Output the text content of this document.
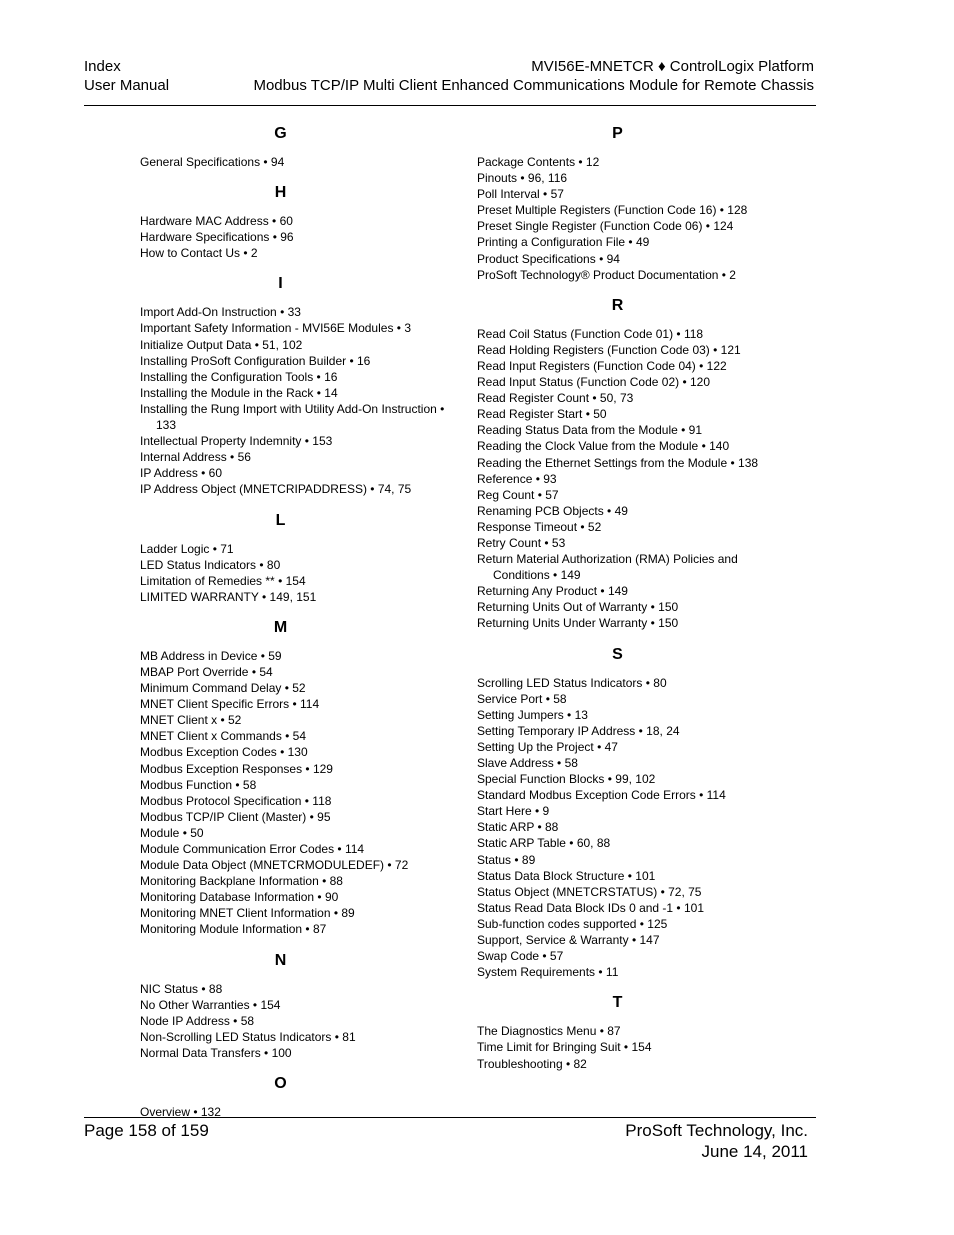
Index
User Manual
MVI56E-MNETCR ♦ ControlLogix Platform
Modbus TCP/IP Multi Client Enhanced Communications Module for Remote Chassis
G
General Specifications • 94
H
Hardware MAC Address • 60
Hardware Specifications • 96
How to Contact Us • 2
I
Import Add-On Instruction • 33
Important Safety Information - MVI56E Modules • 3
Initialize Output Data • 51, 102
Installing ProSoft Configuration Builder • 16
Installing the Configuration Tools • 16
Installing the Module in the Rack • 14
Installing the Rung Import with Utility Add-On Instruction • 133
Intellectual Property Indemnity • 153
Internal Address • 56
IP Address • 60
IP Address Object (MNETCRIPADDRESS) • 74, 75
L
Ladder Logic • 71
LED Status Indicators • 80
Limitation of Remedies ** • 154
LIMITED WARRANTY • 149, 151
M
MB Address in Device • 59
MBAP Port Override • 54
Minimum Command Delay • 52
MNET Client Specific Errors • 114
MNET Client x • 52
MNET Client x Commands • 54
Modbus Exception Codes • 130
Modbus Exception Responses • 129
Modbus Function • 58
Modbus Protocol Specification • 118
Modbus TCP/IP Client (Master) • 95
Module • 50
Module Communication Error Codes • 114
Module Data Object (MNETCRMODULEDEF) • 72
Monitoring Backplane Information • 88
Monitoring Database Information • 90
Monitoring MNET Client Information • 89
Monitoring Module Information • 87
N
NIC Status • 88
No Other Warranties • 154
Node IP Address • 58
Non-Scrolling LED Status Indicators • 81
Normal Data Transfers • 100
O
Overview • 132
P
Package Contents • 12
Pinouts • 96, 116
Poll Interval • 57
Preset Multiple Registers (Function Code 16) • 128
Preset Single Register (Function Code 06) • 124
Printing a Configuration File • 49
Product Specifications • 94
ProSoft Technology® Product Documentation • 2
R
Read Coil Status (Function Code 01) • 118
Read Holding Registers (Function Code 03) • 121
Read Input Registers (Function Code 04) • 122
Read Input Status (Function Code 02) • 120
Read Register Count • 50, 73
Read Register Start • 50
Reading Status Data from the Module • 91
Reading the Clock Value from the Module • 140
Reading the Ethernet Settings from the Module • 138
Reference • 93
Reg Count • 57
Renaming PCB Objects • 49
Response Timeout • 52
Retry Count • 53
Return Material Authorization (RMA) Policies and Conditions • 149
Returning Any Product • 149
Returning Units Out of Warranty • 150
Returning Units Under Warranty • 150
S
Scrolling LED Status Indicators • 80
Service Port • 58
Setting Jumpers • 13
Setting Temporary IP Address • 18, 24
Setting Up the Project • 47
Slave Address • 58
Special Function Blocks • 99, 102
Standard Modbus Exception Code Errors • 114
Start Here • 9
Static ARP • 88
Static ARP Table • 60, 88
Status • 89
Status Data Block Structure • 101
Status Object (MNETCRSTATUS) • 72, 75
Status Read Data Block IDs 0 and -1 • 101
Sub-function codes supported • 125
Support, Service & Warranty • 147
Swap Code • 57
System Requirements • 11
T
The Diagnostics Menu • 87
Time Limit for Bringing Suit • 154
Troubleshooting • 82
Page 158 of 159	ProSoft Technology, Inc.
June 14, 2011
